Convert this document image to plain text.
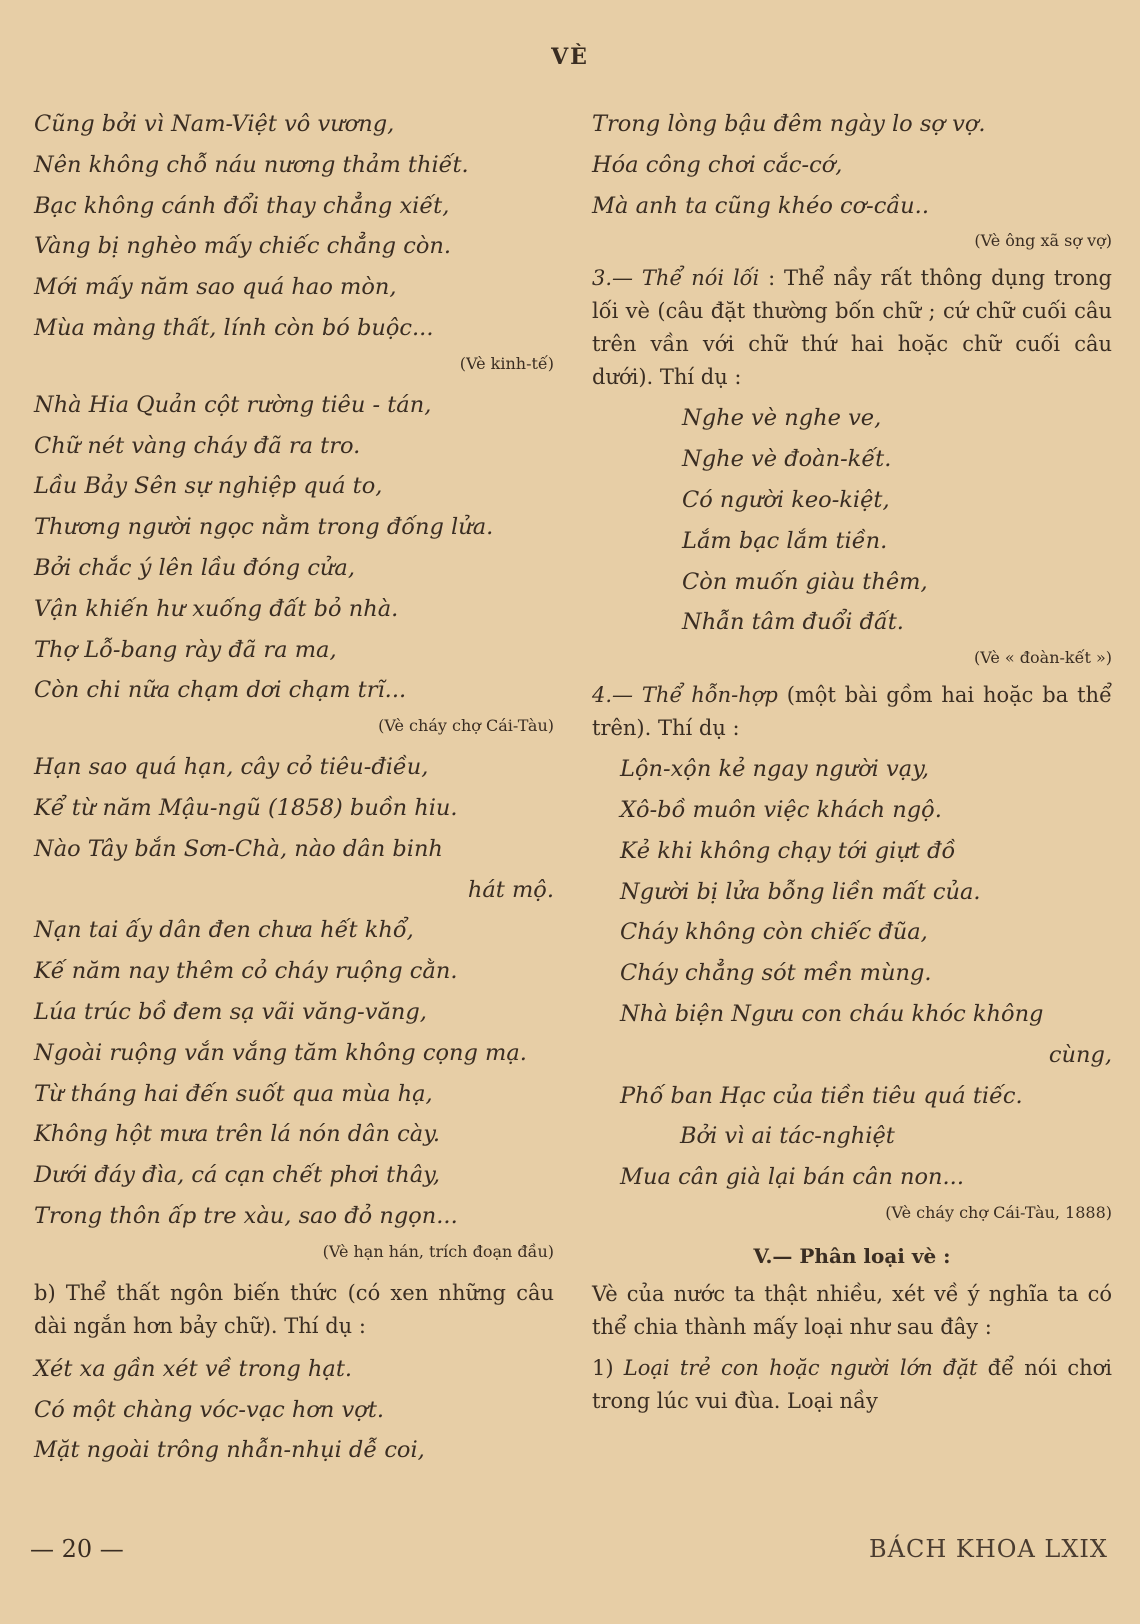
VÈ
Cũng bởi vì Nam-Việt vô vương,
Nên không chỗ náu nương thảm thiết.
Bạc không cánh đổi thay chẳng xiết,
Vàng bị nghèo mấy chiếc chẳng còn.
Mới mấy năm sao quá hao mòn,
Mùa màng thất, lính còn bó buộc...
(Vè kinh-tế)
Nhà Hia Quản cột rường tiêu - tán,
Chữ nét vàng cháy đã ra tro.
Lầu Bảy Sên sự nghiệp quá to,
Thương người ngọc nằm trong đống lửa.
Bởi chắc ý lên lầu đóng cửa,
Vận khiến hư xuống đất bỏ nhà.
Thợ Lỗ-bang rày đã ra ma,
Còn chi nữa chạm dơi chạm trĩ...
(Vè cháy chợ Cái-Tàu)
Hạn sao quá hạn, cây cỏ tiêu-điều,
Kể từ năm Mậu-ngũ (1858) buồn hiu.
Nào Tây bắn Sơn-Chà, nào dân binh
hát mộ.
Nạn tai ấy dân đen chưa hết khổ,
Kế năm nay thêm cỏ cháy ruộng cằn.
Lúa trúc bồ đem sạ vãi văng-văng,
Ngoài ruộng vắn vắng tăm không cọng mạ.
Từ tháng hai đến suốt qua mùa hạ,
Không hột mưa trên lá nón dân cày.
Dưới đáy đìa, cá cạn chết phơi thây,
Trong thôn ấp tre xàu, sao đỏ ngọn...
(Vè hạn hán, trích đoạn đầu)

b) Thể thất ngôn biến thức (có xen những câu dài ngắn hơn bảy chữ). Thí dụ :

Xét xa gần xét về trong hạt.
Có một chàng vóc-vạc hơn vợt.
Mặt ngoài trông nhẫn-nhụi dễ coi,
Trong lòng bậu đêm ngày lo sợ vợ.
Hóa công chơi cắc-cớ,
Mà anh ta cũng khéo cơ-cầu..
(Vè ông xã sợ vợ)

3.— Thể nói lối : Thể nầy rất thông dụng trong lối vè (câu đặt thường bốn chữ ; cứ chữ cuối câu trên vần với chữ thứ hai hoặc chữ cuối câu dưới). Thí dụ :

Nghe vè nghe ve,
Nghe vè đoàn-kết.
Có người keo-kiệt,
Lắm bạc lắm tiền.
Còn muốn giàu thêm,
Nhẫn tâm đuổi đất.
(Vè « đoàn-kết »)

4.— Thể hỗn-hợp (một bài gồm hai hoặc ba thể trên). Thí dụ :

Lộn-xộn kẻ ngay người vạy,
Xô-bồ muôn việc khách ngộ.
Kẻ khi không chạy tới giựt đồ
Người bị lửa bỗng liền mất của.
Cháy không còn chiếc đũa,
Cháy chẳng sót mền mùng.
Nhà biện Ngưu con cháu khóc không
cùng,
Phố ban Hạc của tiền tiêu quá tiếc.
Bởi vì ai tác-nghiệt
Mua cân già lại bán cân non...
(Vè cháy chợ Cái-Tàu, 1888)
V.— Phân loại vè :

Vè của nước ta thật nhiều, xét về ý nghĩa ta có thể chia thành mấy loại như sau đây :

1) Loại trẻ con hoặc người lớn đặt để nói chơi trong lúc vui đùa. Loại nầy

— 20 —	BÁCH KHOA LXIX
